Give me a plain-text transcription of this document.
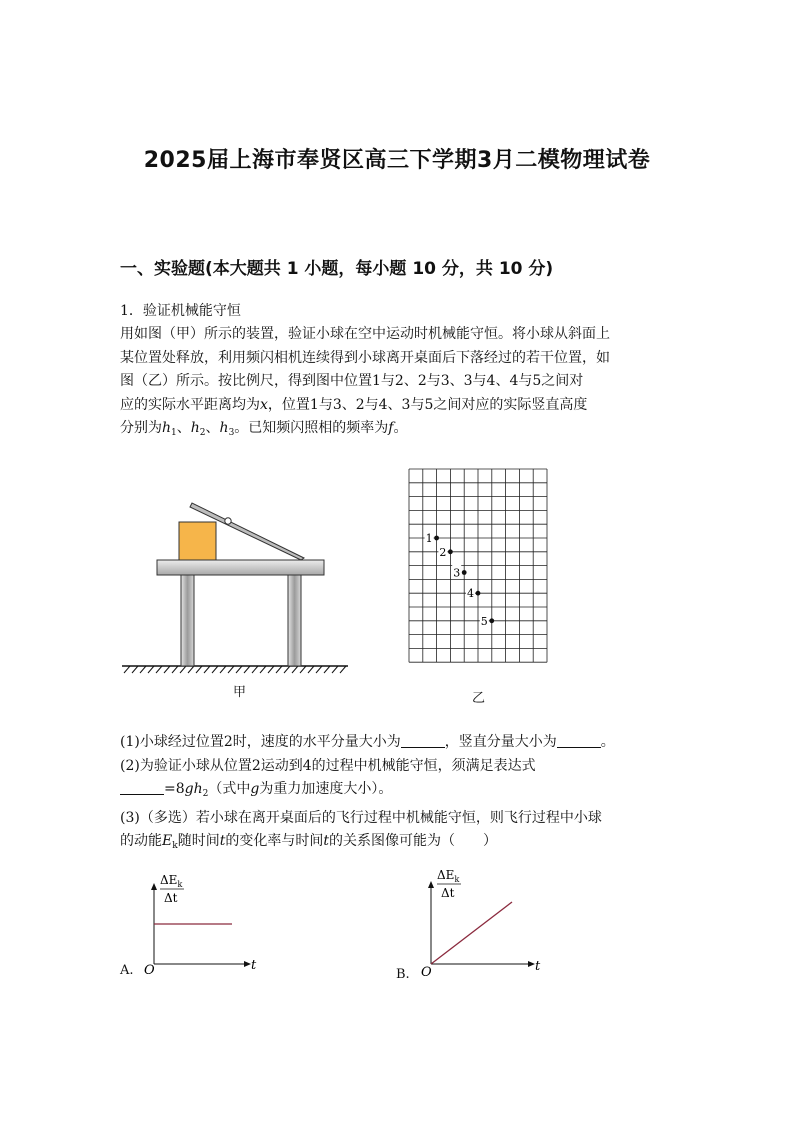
2025届上海市奉贤区高三下学期3月二模物理试卷
一、实验题(本大题共 1 小题，每小题 10 分，共 10 分)
1．验证机械能守恒

用如图（甲）所示的装置，验证小球在空中运动时机械能守恒。将小球从斜面上

某位置处释放，利用频闪相机连续得到小球离开桌面后下落经过的若干位置，如

图（乙）所示。按比例尺，得到图中位置1与2、2与3、3与4、4与5之间对

应的实际水平距离均为x，位置1与3、2与4、3与5之间对应的实际竖直高度

分别为$h_1$、$h_2$、$h_3$。已知频闪照相的频率为f。

甲
1
2
3
4
5
乙

(1)小球经过位置2时，速度的水平分量大小为	，竖直分量大小为	。

(2)为验证小球从位置2运动到4的过程中机械能守恒，须满足表达式

$=8gh_2$（式中g为重力加速度大小）。

(3)（多选）若小球在离开桌面后的飞行过程中机械能守恒，则飞行过程中小球

的动能$E_k$随时间t的变化率与时间t的关系图像可能为（　　）

$\Delta E_k$
Δt
O	t
A.
$\Delta E_k$
Δt
O	t
B.
